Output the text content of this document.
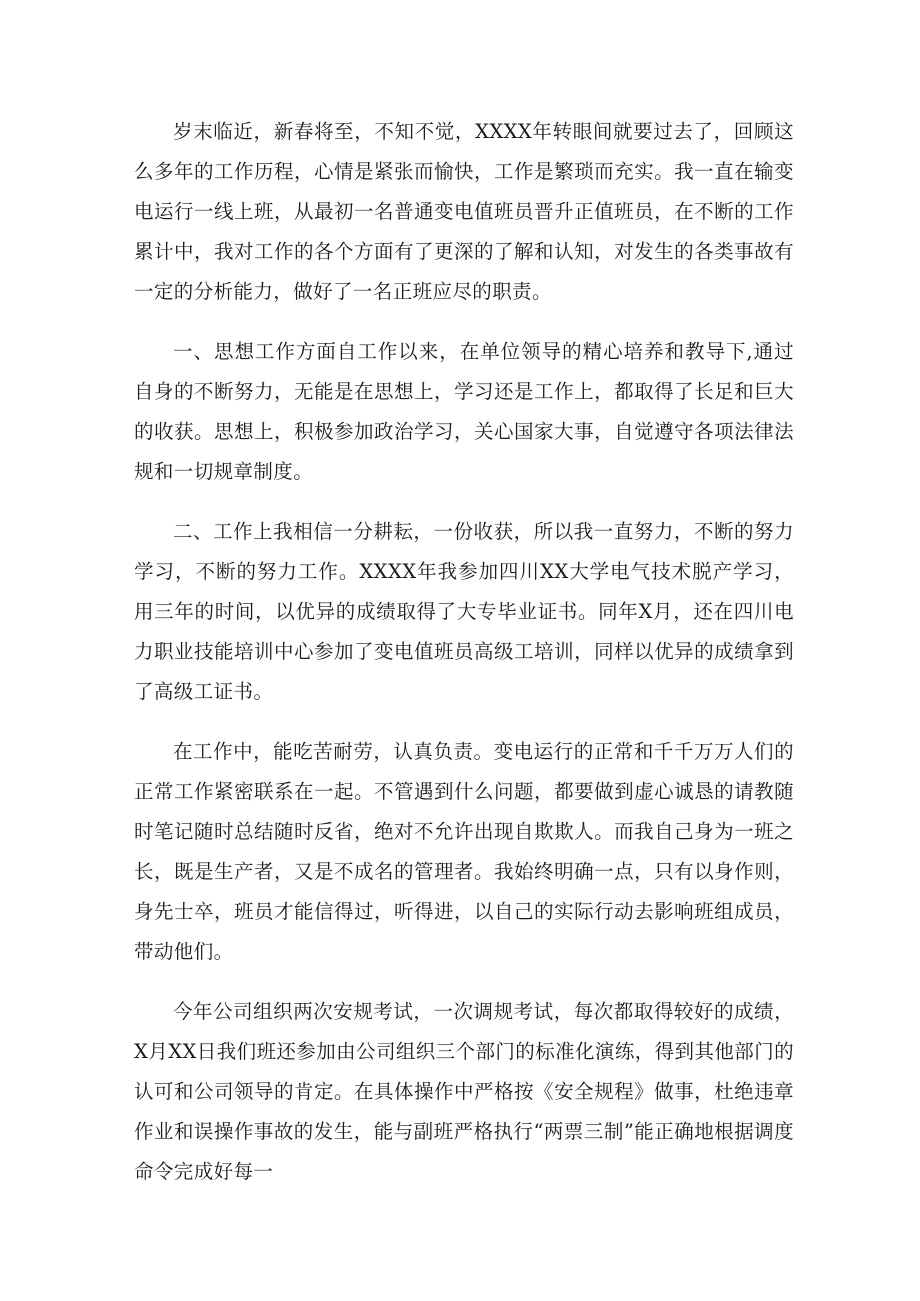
岁末临近，新春将至，不知不觉，XXXX年转眼间就要过去了，回顾这么多年的工作历程，心情是紧张而愉快，工作是繁琐而充实。我一直在输变电运行一线上班，从最初一名普通变电值班员晋升正值班员，在不断的工作累计中，我对工作的各个方面有了更深的了解和认知，对发生的各类事故有一定的分析能力，做好了一名正班应尽的职责。

一、思想工作方面自工作以来，在单位领导的精心培养和教导下,通过自身的不断努力，无能是在思想上，学习还是工作上，都取得了长足和巨大的收获。思想上，积极参加政治学习，关心国家大事，自觉遵守各项法律法规和一切规章制度。

二、工作上我相信一分耕耘，一份收获，所以我一直努力，不断的努力学习，不断的努力工作。XXXX年我参加四川XX大学电气技术脱产学习，用三年的时间，以优异的成绩取得了大专毕业证书。同年X月，还在四川电力职业技能培训中心参加了变电值班员高级工培训，同样以优异的成绩拿到了高级工证书。

在工作中，能吃苦耐劳，认真负责。变电运行的正常和千千万万人们的正常工作紧密联系在一起。不管遇到什么问题，都要做到虚心诚恳的请教随时笔记随时总结随时反省，绝对不允许出现自欺欺人。而我自己身为一班之长，既是生产者，又是不成名的管理者。我始终明确一点，只有以身作则，身先士卒，班员才能信得过，听得进，以自己的实际行动去影响班组成员，带动他们。

今年公司组织两次安规考试，一次调规考试，每次都取得较好的成绩，X月XX日我们班还参加由公司组织三个部门的标准化演练，得到其他部门的认可和公司领导的肯定。在具体操作中严格按《安全规程》做事，杜绝违章作业和误操作事故的发生，能与副班严格执行“两票三制”能正确地根据调度命令完成好每一
